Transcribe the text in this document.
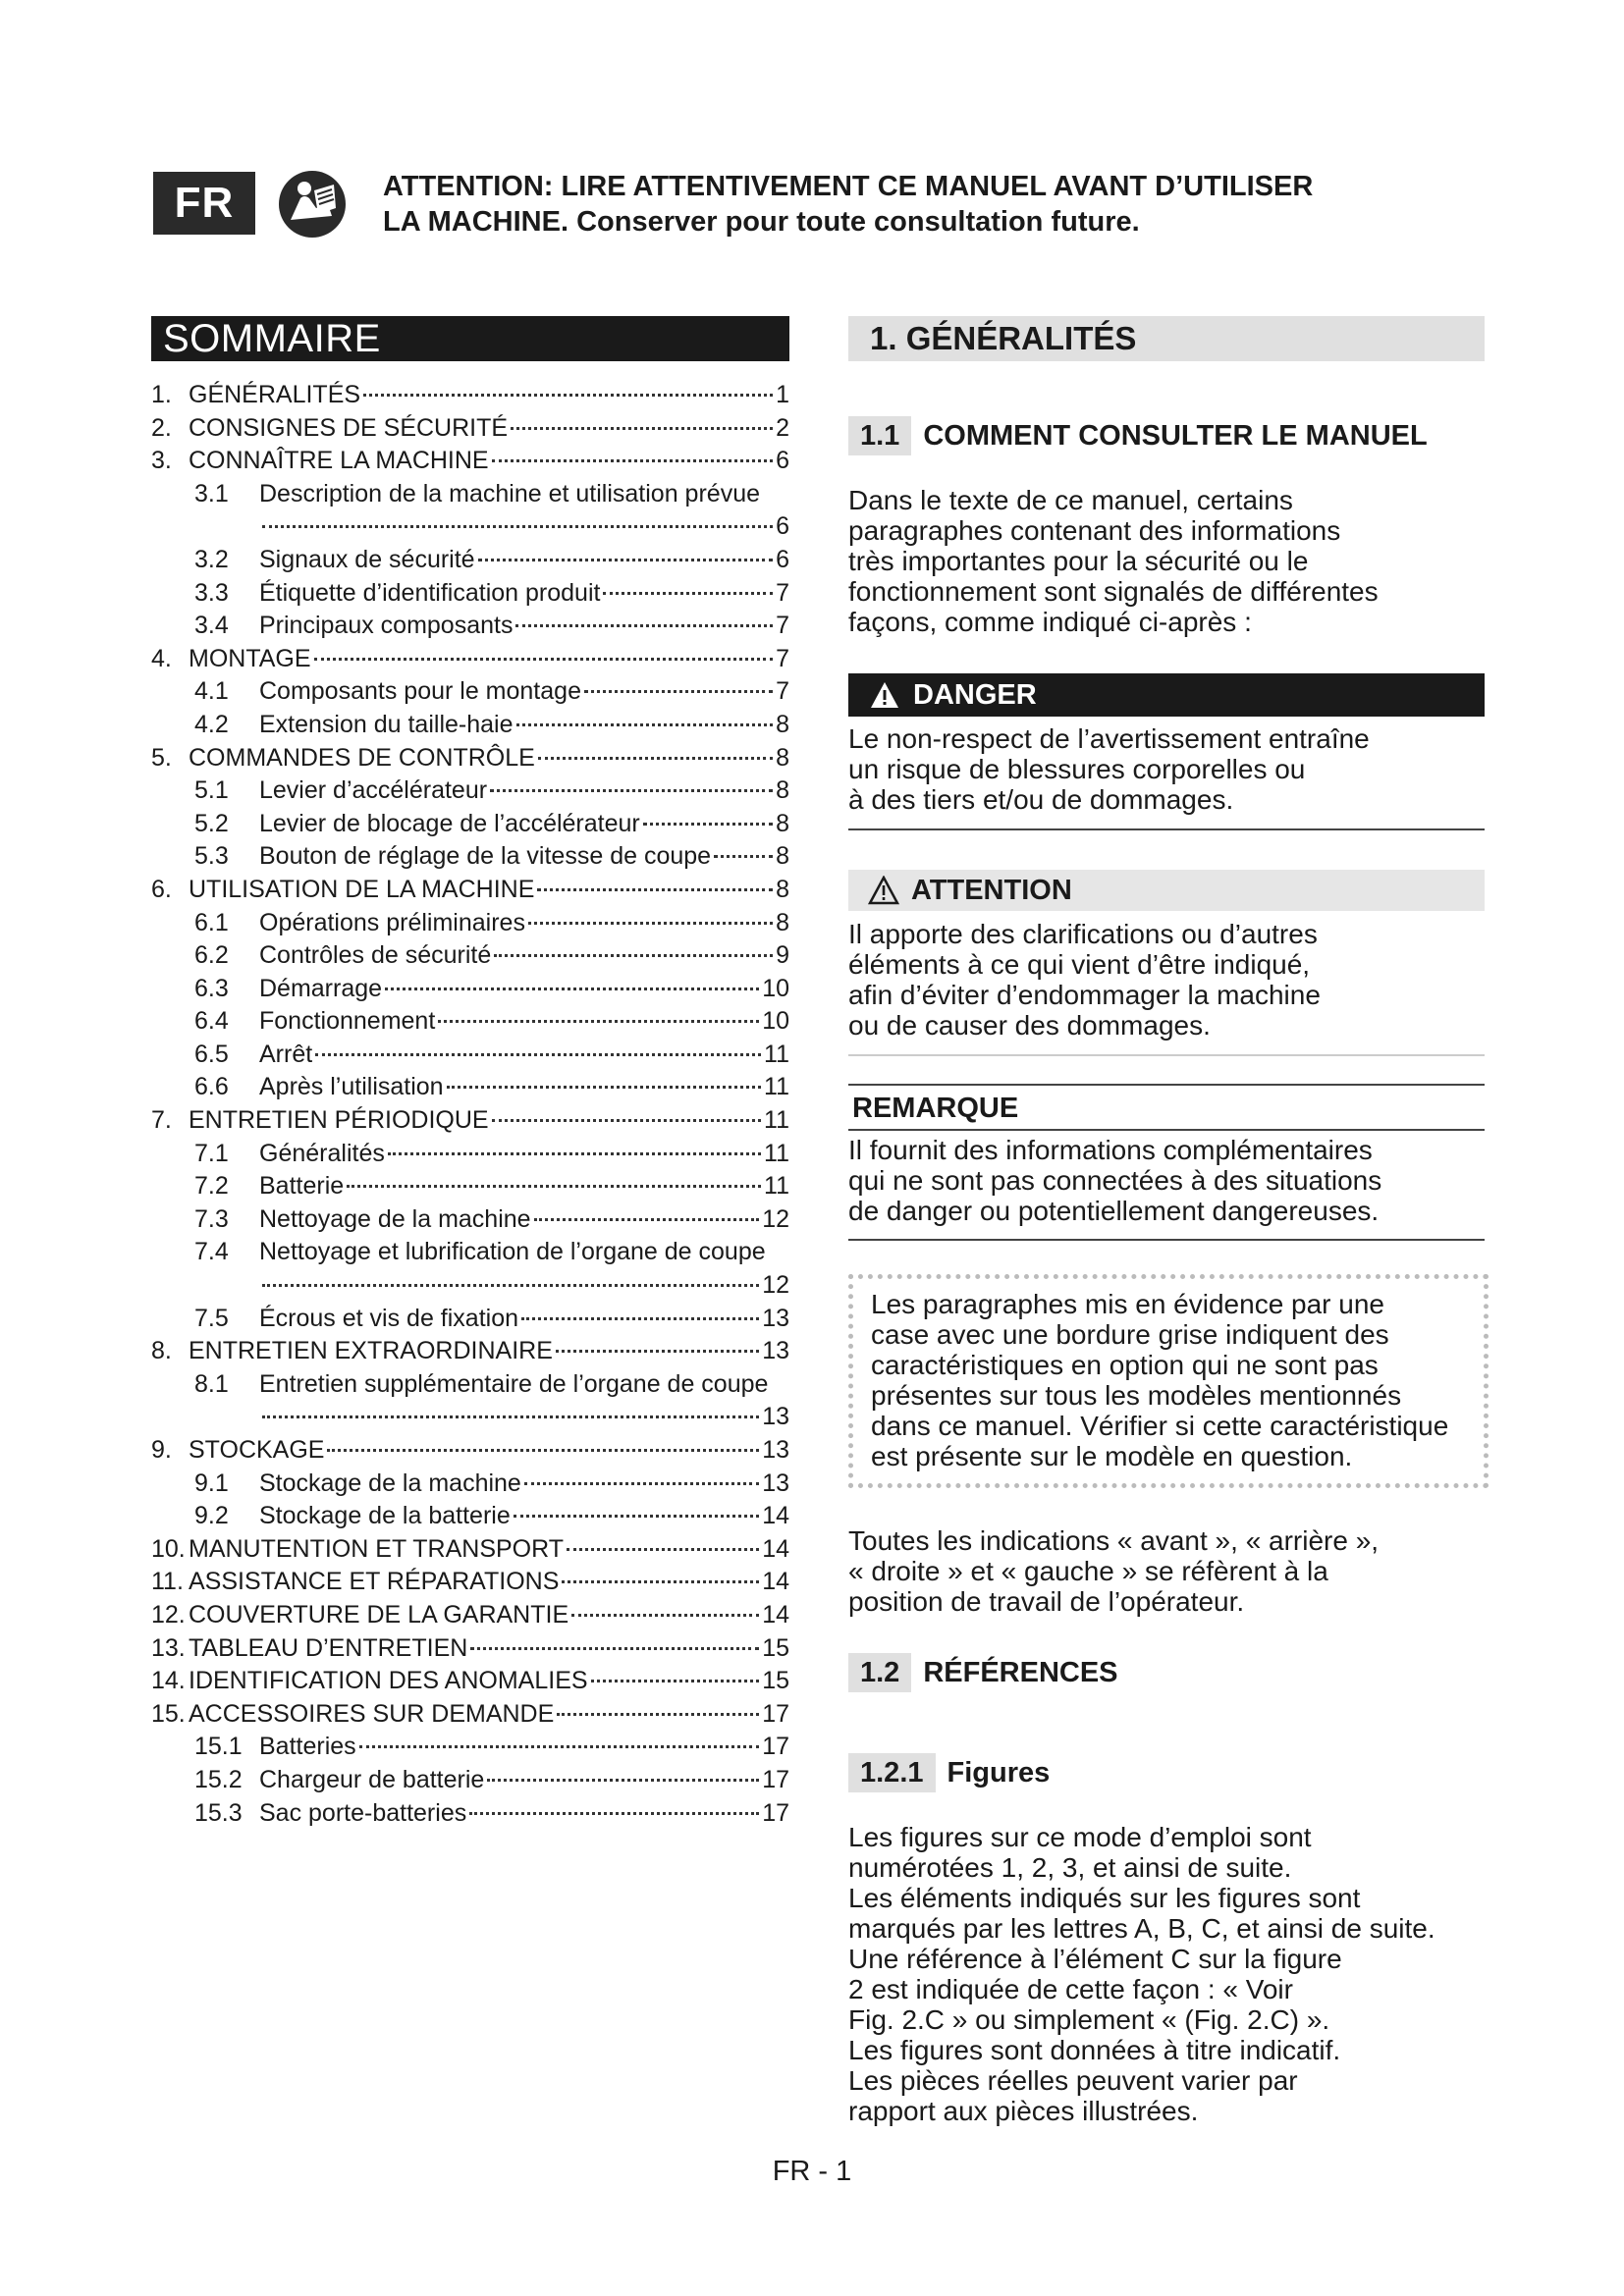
FR	ATTENTION: LIRE ATTENTIVEMENT CE MANUEL AVANT D’UTILISER
LA MACHINE. Conserver pour toute consultation future.
SOMMAIRE
1. GÉNÉRALITÉS	1
2. CONSIGNES DE SÉCURITÉ	2
3. CONNAÎTRE LA MACHINE	6
3.1	Description de la machine et utilisation prévue
6
3.2	Signaux de sécurité	6
3.3	Étiquette d’identification produit	7
3.4	Principaux composants	7
4. MONTAGE	7
4.1	Composants pour le montage	7
4.2	Extension du taille-haie	8
5. COMMANDES DE CONTRÔLE	8
5.1	Levier d’accélérateur	8
5.2	Levier de blocage de l’accélérateur	8
5.3	Bouton de réglage de la vitesse de coupe	8
6. UTILISATION DE LA MACHINE	8
6.1	Opérations préliminaires	8
6.2	Contrôles de sécurité	9
6.3	Démarrage	10
6.4	Fonctionnement	10
6.5	Arrêt	11
6.6	Après l’utilisation	11
7. ENTRETIEN PÉRIODIQUE	11
7.1	Généralités	11
7.2	Batterie	11
7.3	Nettoyage de la machine	12
7.4	Nettoyage et lubrification de l’organe de coupe
12
7.5	Écrous et vis de fixation	13
8. ENTRETIEN EXTRAORDINAIRE	13
8.1	Entretien supplémentaire de l’organe de coupe
13
9. STOCKAGE	13
9.1	Stockage de la machine	13
9.2	Stockage de la batterie	14
10. MANUTENTION ET TRANSPORT	14
11. ASSISTANCE ET RÉPARATIONS	14
12. COUVERTURE DE LA GARANTIE	14
13. TABLEAU D’ENTRETIEN	15
14. IDENTIFICATION DES ANOMALIES	15
15. ACCESSOIRES SUR DEMANDE	17
15.1 Batteries	17
15.2 Chargeur de batterie	17
15.3 Sac porte-batteries	17
1. GÉNÉRALITÉS
1.1 COMMENT CONSULTER LE MANUEL

Dans le texte de ce manuel, certains

paragraphes contenant des informations

très importantes pour la sécurité ou le

fonctionnement sont signalés de différentes

façons, comme indiqué ci-après :

DANGER

Le non-respect de l’avertissement entraîne

un risque de blessures corporelles ou

à des tiers et/ou de dommages.

ATTENTION

Il apporte des clarifications ou d’autres

éléments à ce qui vient d’être indiqué,

afin d’éviter d’endommager la machine

ou de causer des dommages.

REMARQUE

Il fournit des informations complémentaires

qui ne sont pas connectées à des situations

de danger ou potentiellement dangereuses.

Les paragraphes mis en évidence par une

case avec une bordure grise indiquent des

caractéristiques en option qui ne sont pas

présentes sur tous les modèles mentionnés

dans ce manuel. Vérifier si cette caractéristique

est présente sur le modèle en question.

Toutes les indications « avant », « arrière »,

« droite » et « gauche » se réfèrent à la

position de travail de l’opérateur.

1.2 RÉFÉRENCES
1.2.1 Figures

Les figures sur ce mode d’emploi sont

numérotées 1, 2, 3, et ainsi de suite.

Les éléments indiqués sur les figures sont

marqués par les lettres A, B, C, et ainsi de suite.

Une référence à l’élément C sur la figure

2 est indiquée de cette façon : « Voir

Fig. 2.C » ou simplement « (Fig. 2.C) ».

Les figures sont données à titre indicatif.

Les pièces réelles peuvent varier par

rapport aux pièces illustrées.

FR - 1
